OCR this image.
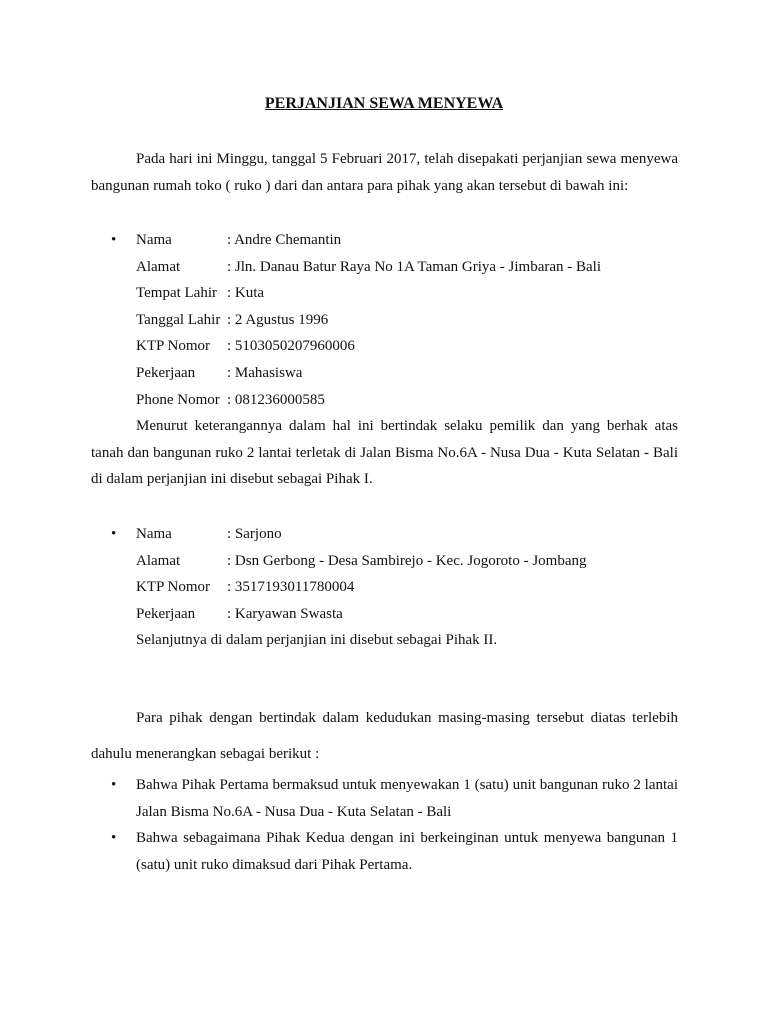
PERJANJIAN SEWA MENYEWA
Pada hari ini Minggu, tanggal 5 Februari 2017, telah disepakati perjanjian sewa menyewa bangunan rumah toko ( ruko ) dari dan antara para pihak yang akan tersebut di bawah ini:
• Nama	: Andre Chemantin
Alamat	: Jln. Danau Batur Raya No 1A Taman Griya - Jimbaran - Bali
Tempat Lahir : Kuta
Tanggal Lahir : 2 Agustus 1996
KTP Nomor : 5103050207960006
Pekerjaan : Mahasiswa
Phone Nomor : 081236000585
Menurut keterangannya dalam hal ini bertindak selaku pemilik dan yang berhak atas tanah dan bangunan ruko 2 lantai terletak di Jalan Bisma No.6A - Nusa Dua - Kuta Selatan - Bali di dalam perjanjian ini disebut sebagai Pihak I.
• Nama	: Sarjono
Alamat	: Dsn Gerbong - Desa Sambirejo - Kec. Jogoroto - Jombang
KTP Nomor : 3517193011780004
Pekerjaan : Karyawan Swasta
Selanjutnya di dalam perjanjian ini disebut sebagai Pihak II.
Para pihak dengan bertindak dalam kedudukan masing-masing tersebut diatas terlebih dahulu menerangkan sebagai berikut :
• Bahwa Pihak Pertama bermaksud untuk menyewakan 1 (satu) unit bangunan ruko 2 lantai Jalan Bisma No.6A - Nusa Dua - Kuta Selatan - Bali
• Bahwa sebagaimana Pihak Kedua dengan ini berkeinginan untuk menyewa bangunan 1 (satu) unit ruko dimaksud dari Pihak Pertama.
